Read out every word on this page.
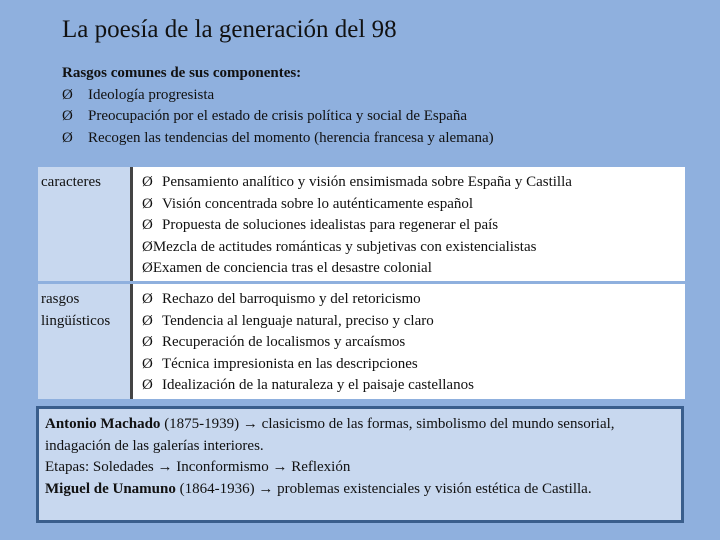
La poesía de la generación del 98
Rasgos comunes de sus componentes:
Ø Ideología progresista
Ø Preocupación por el estado de crisis política y social de España
Ø Recogen las tendencias del momento (herencia francesa y alemana)
caracteres	Ø Pensamiento analítico y visión ensimismada sobre España y Castilla
Ø Visión concentrada sobre lo auténticamente español
Ø Propuesta de soluciones idealistas para regenerar el país
ØMezcla de actitudes románticas y subjetivas con existencialistas
ØExamen de conciencia tras el desastre colonial
rasgos lingüísticos
Ø Rechazo del barroquismo y del retoricismo
Ø Tendencia al lenguaje natural, preciso y claro
Ø Recuperación de localismos y arcaísmos
Ø Técnica impresionista en las descripciones
Ø Idealización de la naturaleza y el paisaje castellanos
Antonio Machado (1875-1939) → clasicismo de las formas, simbolismo del mundo sensorial, indagación de las galerías interiores.
Etapas: Soledades → Inconformismo → Reflexión
Miguel de Unamuno (1864-1936) → problemas existenciales y visión estética de Castilla.
